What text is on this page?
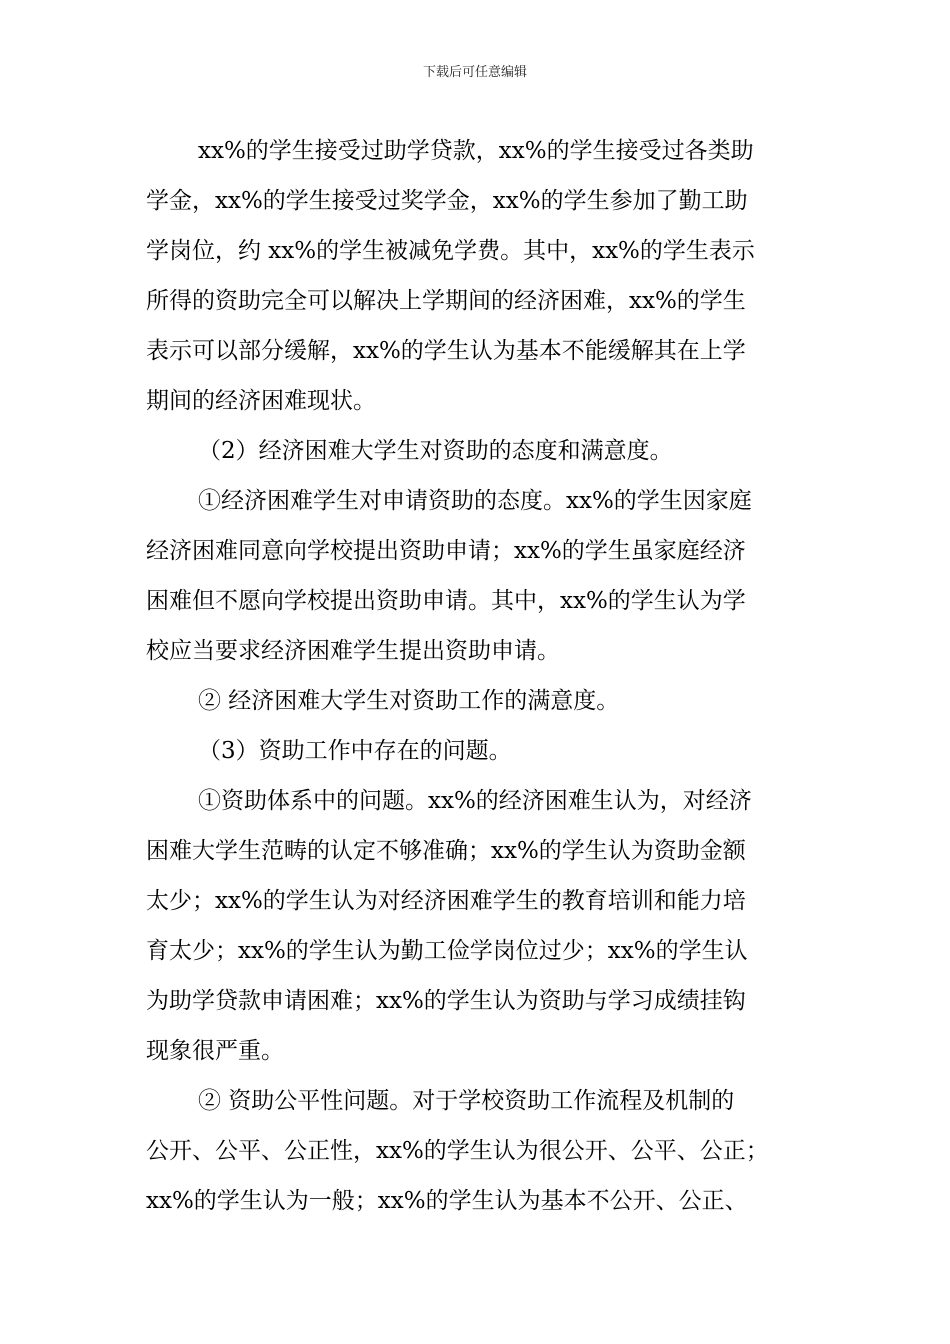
下载后可任意编辑
xx%的学生接受过助学贷款，xx%的学生接受过各类助
学金，xx%的学生接受过奖学金，xx%的学生参加了勤工助
学岗位，约 xx%的学生被减免学费。其中，xx%的学生表示
所得的资助完全可以解决上学期间的经济困难，xx%的学生
表示可以部分缓解，xx%的学生认为基本不能缓解其在上学
期间的经济困难现状。
（2）经济困难大学生对资助的态度和满意度。
①经济困难学生对申请资助的态度。xx%的学生因家庭
经济困难同意向学校提出资助申请；xx%的学生虽家庭经济
困难但不愿向学校提出资助申请。其中，xx%的学生认为学
校应当要求经济困难学生提出资助申请。
② 经济困难大学生对资助工作的满意度。
（3）资助工作中存在的问题。
①资助体系中的问题。xx%的经济困难生认为，对经济
困难大学生范畴的认定不够准确；xx%的学生认为资助金额
太少；xx%的学生认为对经济困难学生的教育培训和能力培
育太少；xx%的学生认为勤工俭学岗位过少；xx%的学生认
为助学贷款申请困难；xx%的学生认为资助与学习成绩挂钩
现象很严重。
② 资助公平性问题。对于学校资助工作流程及机制的
公开、公平、公正性，xx%的学生认为很公开、公平、公正；
xx%的学生认为一般；xx%的学生认为基本不公开、公正、
